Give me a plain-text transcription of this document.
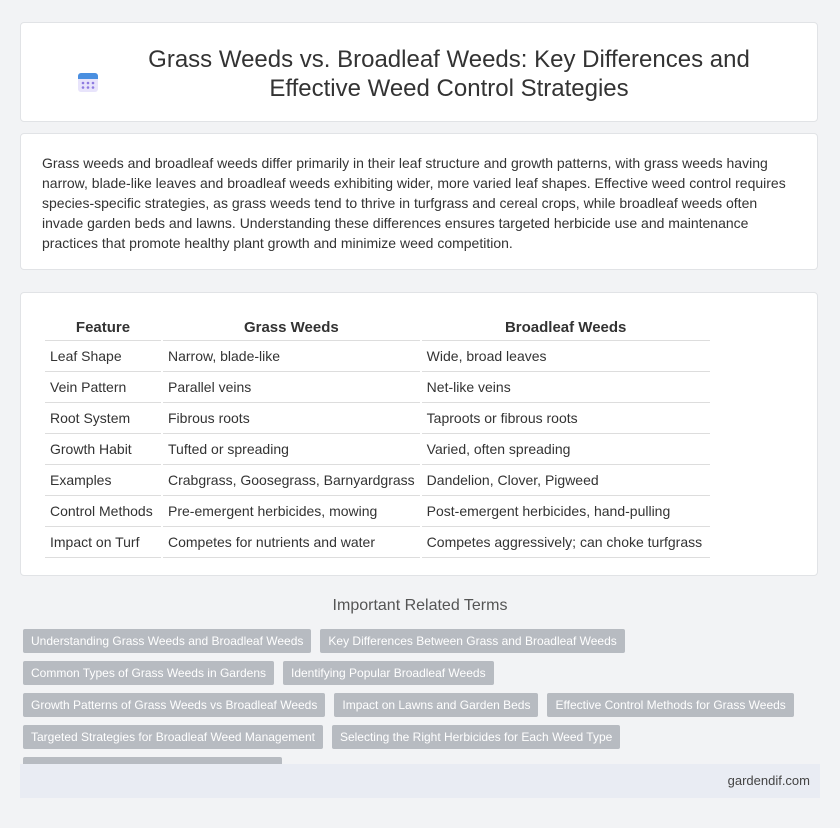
Grass Weeds vs. Broadleaf Weeds: Key Differences and Effective Weed Control Strategies

Grass weeds and broadleaf weeds differ primarily in their leaf structure and growth patterns, with grass weeds having narrow, blade-like leaves and broadleaf weeds exhibiting wider, more varied leaf shapes. Effective weed control requires species-specific strategies, as grass weeds tend to thrive in turfgrass and cereal crops, while broadleaf weeds often invade garden beds and lawns. Understanding these differences ensures targeted herbicide use and maintenance practices that promote healthy plant growth and minimize weed competition.

Feature	Grass Weeds	Broadleaf Weeds
Leaf Shape	Narrow, blade-like	Wide, broad leaves
Vein Pattern	Parallel veins	Net-like veins
Root System	Fibrous roots	Taproots or fibrous roots
Growth Habit	Tufted or spreading	Varied, often spreading
Examples	Crabgrass, Goosegrass, Barnyardgrass	Dandelion, Clover, Pigweed
Control Methods	Pre-emergent herbicides, mowing	Post-emergent herbicides, hand-pulling
Impact on Turf	Competes for nutrients and water	Competes aggressively; can choke turfgrass
Important Related Terms
Understanding Grass Weeds and Broadleaf Weeds	Key Differences Between Grass and Broadleaf Weeds
Common Types of Grass Weeds in Gardens	Identifying Popular Broadleaf Weeds
Growth Patterns of Grass Weeds vs Broadleaf Weeds	Impact on Lawns and Garden Beds	Effective Control Methods for Grass Weeds
Targeted Strategies for Broadleaf Weed Management	Selecting the Right Herbicides for Each Weed Type
gardendif.com
